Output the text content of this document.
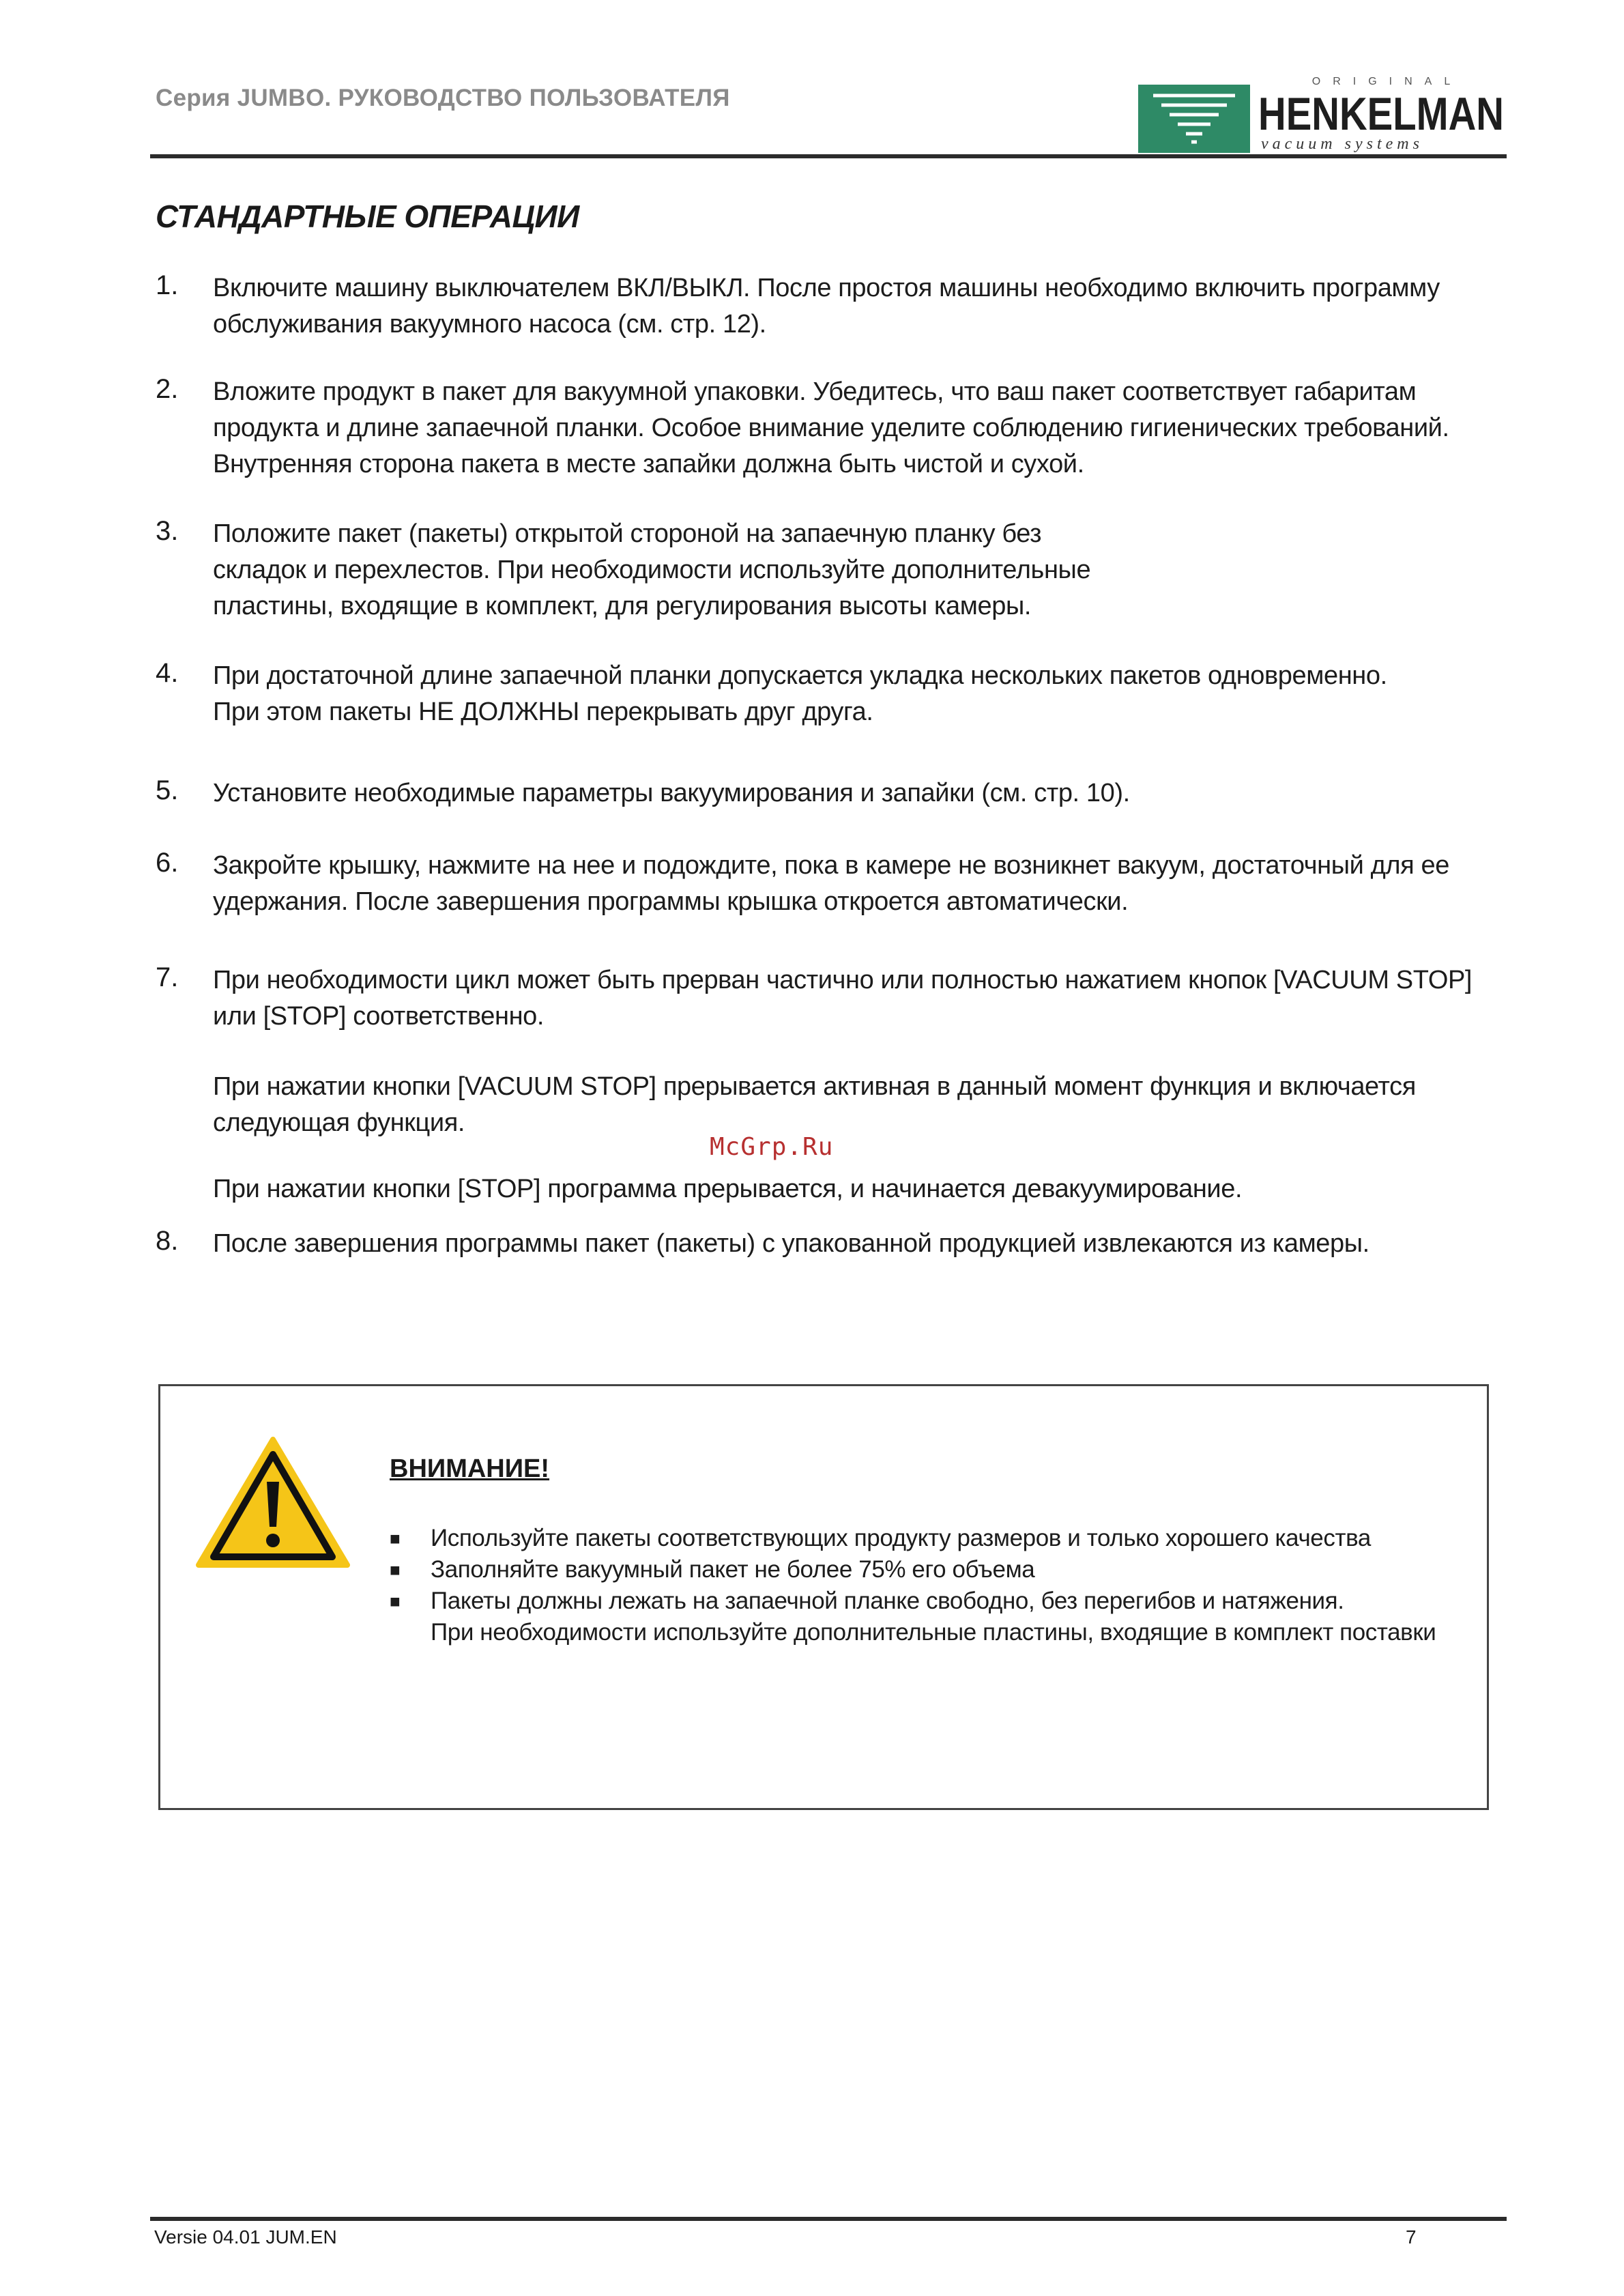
Серия JUMBO. РУКОВОДСТВО ПОЛЬЗОВАТЕЛЯ
ORIGINAL
HENKELMAN
vacuum systems
СТАНДАРТНЫЕ ОПЕРАЦИИ
1.	Включите машину выключателем ВКЛ/ВЫКЛ. После простоя машины необходимо включить программу
обслуживания вакуумного насоса (см. стр. 12).
2.	Вложите продукт в пакет для вакуумной упаковки. Убедитесь, что ваш пакет соответствует габаритам
продукта и длине запаечной планки. Особое внимание уделите соблюдению гигиенических требований.
Внутренняя сторона пакета в месте запайки должна быть чистой и сухой.
3.	Положите пакет (пакеты) открытой стороной на запаечную планку без
складок и перехлестов. При необходимости используйте дополнительные
пластины, входящие в комплект, для регулирования высоты камеры.
4.	При достаточной длине запаечной планки допускается укладка нескольких пакетов одновременно.
При этом пакеты НЕ ДОЛЖНЫ перекрывать друг друга.
5.	Установите необходимые параметры вакуумирования и запайки (см. стр. 10).
6.	Закройте крышку, нажмите на нее и подождите, пока в камере не возникнет вакуум, достаточный для ее
удержания. После завершения программы крышка откроется автоматически.
7.	При необходимости цикл может быть прерван частично или полностью нажатием кнопок [VACUUM STOP]
или [STOP] соответственно.
8.	После завершения программы пакет (пакеты) с упакованной продукцией извлекаются из камеры.
При нажатии кнопки [VACUUM STOP] прерывается активная в данный момент функция и включается
следующая функция.
При нажатии кнопки [STOP] программа прерывается, и начинается девакуумирование.
McGrp.Ru
ВНИМАНИЕ!
■ Используйте пакеты соответствующих продукту размеров и только хорошего качества
■ Заполняйте вакуумный пакет не более 75% его объема
■ Пакеты должны лежать на запаечной планке свободно, без перегибов и натяжения.
При необходимости используйте дополнительные пластины, входящие в комплект поставки
Versie 04.01 JUM.EN	7
